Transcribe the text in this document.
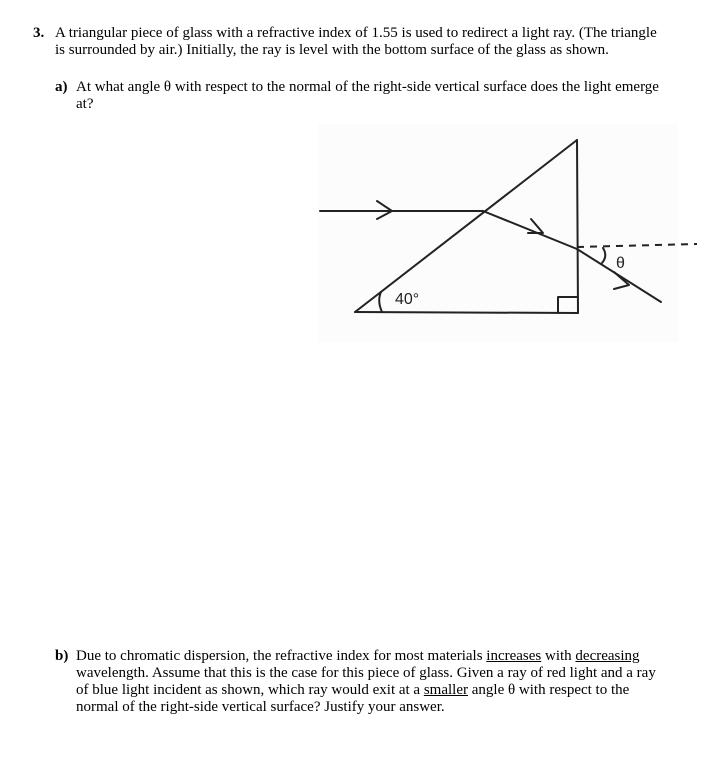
3. A triangular piece of glass with a refractive index of 1.55 is used to redirect a light ray. (The triangle
is surrounded by air.) Initially, the ray is level with the bottom surface of the glass as shown.
a) At what angle θ with respect to the normal of the right-side vertical surface does the light emerge
at?
40°
θ
b) Due to chromatic dispersion, the refractive index for most materials increases with decreasing
wavelength. Assume that this is the case for this piece of glass. Given a ray of red light and a ray
of blue light incident as shown, which ray would exit at a smaller angle θ with respect to the
normal of the right-side vertical surface? Justify your answer.
